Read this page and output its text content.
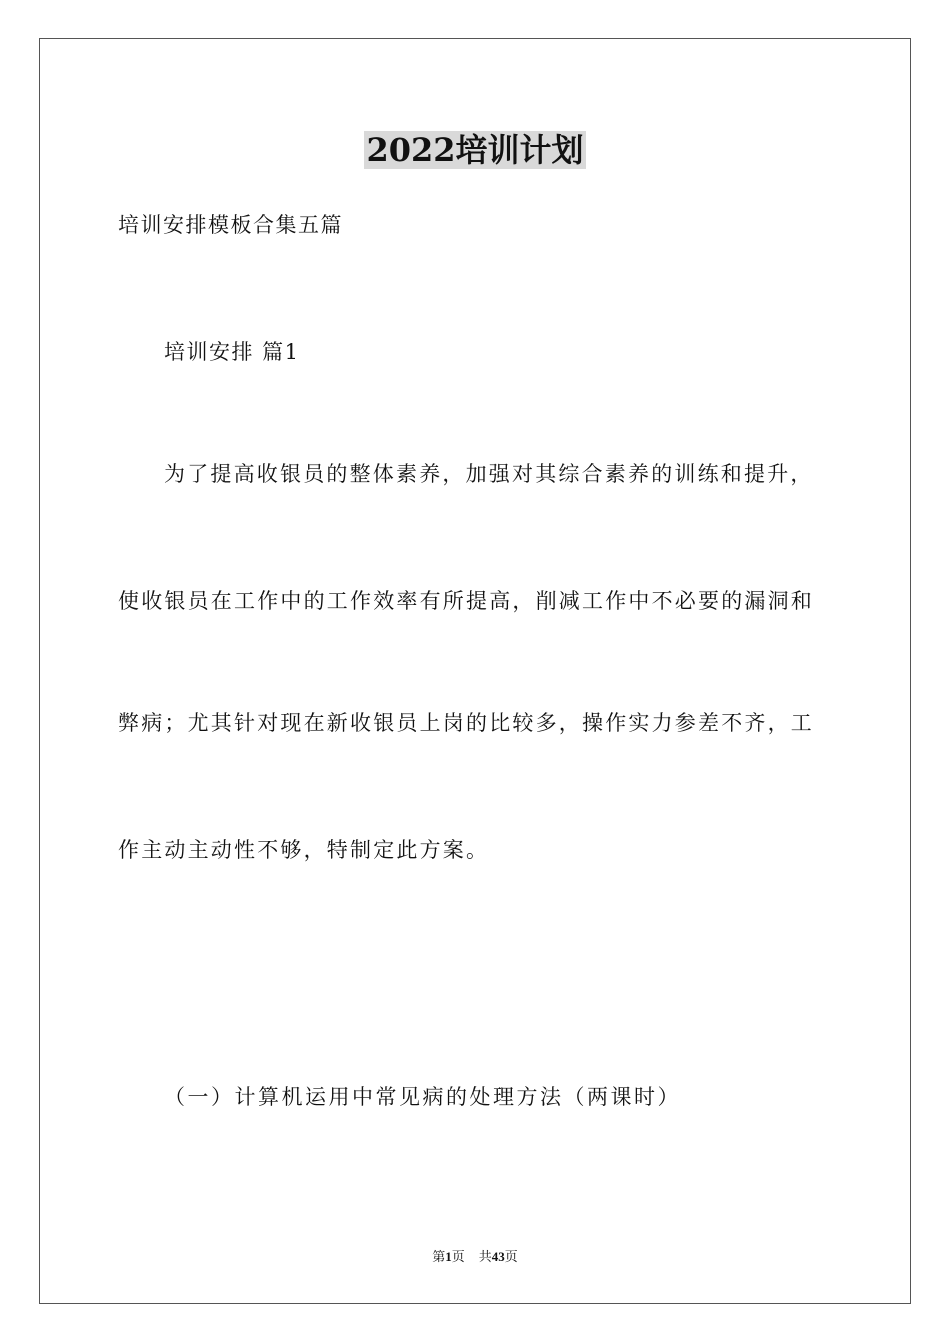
2022培训计划
培训安排模板合集五篇
培训安排 篇1
为了提高收银员的整体素养，加强对其综合素养的训练和提升，
使收银员在工作中的工作效率有所提高，削减工作中不必要的漏洞和
弊病；尤其针对现在新收银员上岗的比较多，操作实力参差不齐，工
作主动主动性不够，特制定此方案。
（一）计算机运用中常见病的处理方法（两课时）
第1页 共43页
